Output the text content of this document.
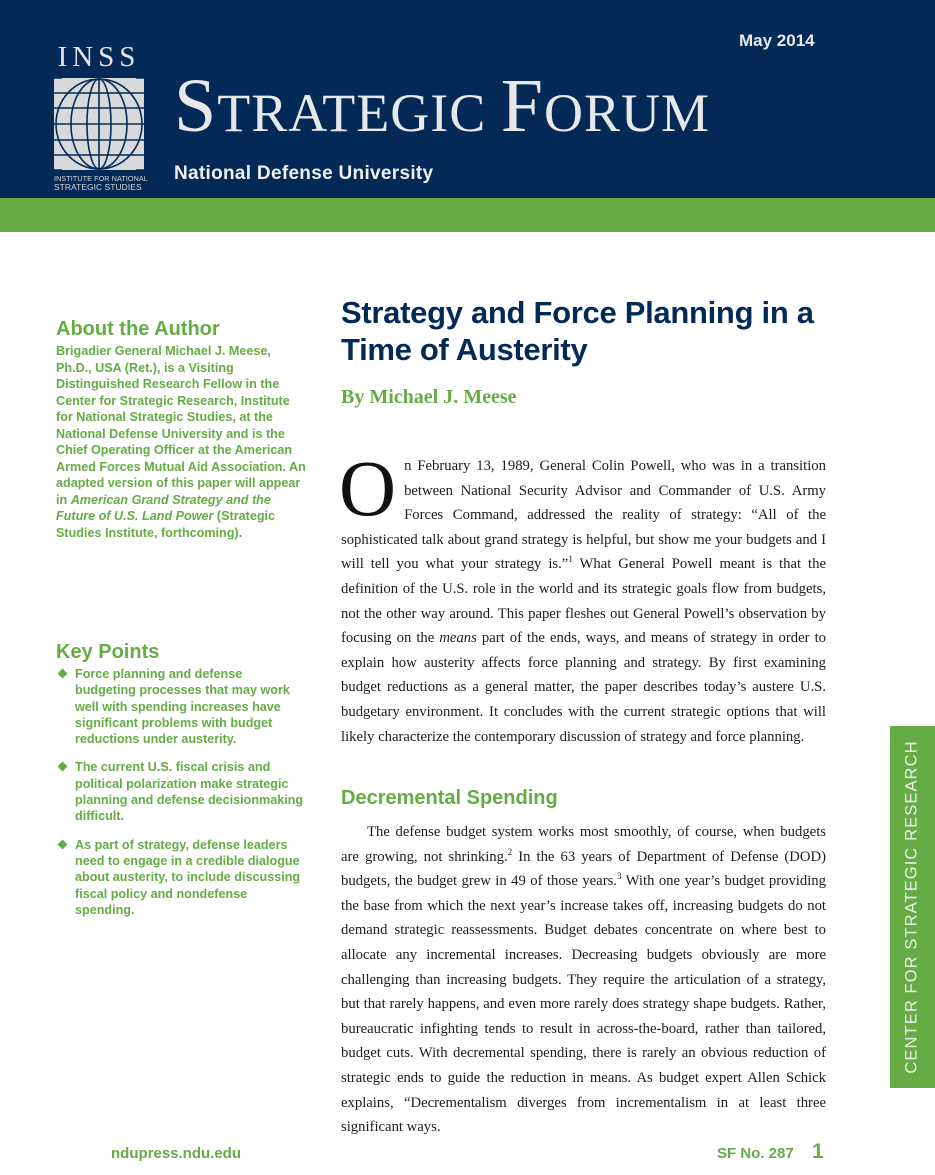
INSS
INSTITUTE FOR NATIONAL
STRATEGIC STUDIES
STRATEGIC FORUM
National Defense University
May 2014
About the Author

Brigadier General Michael J. Meese, Ph.D., USA (Ret.), is a Visiting Distinguished Research Fellow in the Center for Strategic Research, Institute for National Strategic Studies, at the National Defense University and is the Chief Operating Officer at the American Armed Forces Mutual Aid Association. An adapted version of this paper will appear in American Grand Strategy and the Future of U.S. Land Power (Strategic Studies Institute, forthcoming).

Key Points
Force planning and defense budgeting processes that may work well with spending increases have significant problems with budget reductions under austerity.
The current U.S. fiscal crisis and political polarization make strategic planning and defense decisionmaking difficult.
As part of strategy, defense leaders need to engage in a credible dialogue about austerity, to include discussing fiscal policy and nondefense spending.
Strategy and Force Planning in a Time of Austerity
By Michael J. Meese

On February 13, 1989, General Colin Powell, who was in a transition between National Security Advisor and Commander of U.S. Army Forces Command, addressed the reality of strategy: “All of the sophisticated talk about grand strategy is helpful, but show me your budgets and I will tell you what your strategy is.”$^1$ What General Powell meant is that the definition of the U.S. role in the world and its strategic goals flow from budgets, not the other way around. This paper fleshes out General Powell’s observation by focusing on the means part of the ends, ways, and means of strategy in order to explain how austerity affects force planning and strategy. By first examining budget reductions as a general matter, the paper describes today’s austere U.S. budgetary environment. It concludes with the current strategic options that will likely characterize the contemporary discussion of strategy and force planning.

Decremental Spending

The defense budget system works most smoothly, of course, when budgets are growing, not shrinking.$^2$ In the 63 years of Department of Defense (DOD) budgets, the budget grew in 49 of those years.$^3$ With one year’s budget providing the base from which the next year’s increase takes off, increasing budgets do not demand strategic reassessments. Budget debates concentrate on where best to allocate any incremental increases. Decreasing budgets obviously are more challenging than increasing budgets. They require the articulation of a strategy, but that rarely happens, and even more rarely does strategy shape budgets. Rather, bureaucratic infighting tends to result in across-the-board, rather than tailored, budget cuts. With decremental spending, there is rarely an obvious reduction of strategic ends to guide the reduction in means. As budget expert Allen Schick explains, “Decrementalism diverges from incrementalism in at least three significant ways.

CENTER FOR STRATEGIC RESEARCH
ndupress.ndu.edu	SF No. 287 1
